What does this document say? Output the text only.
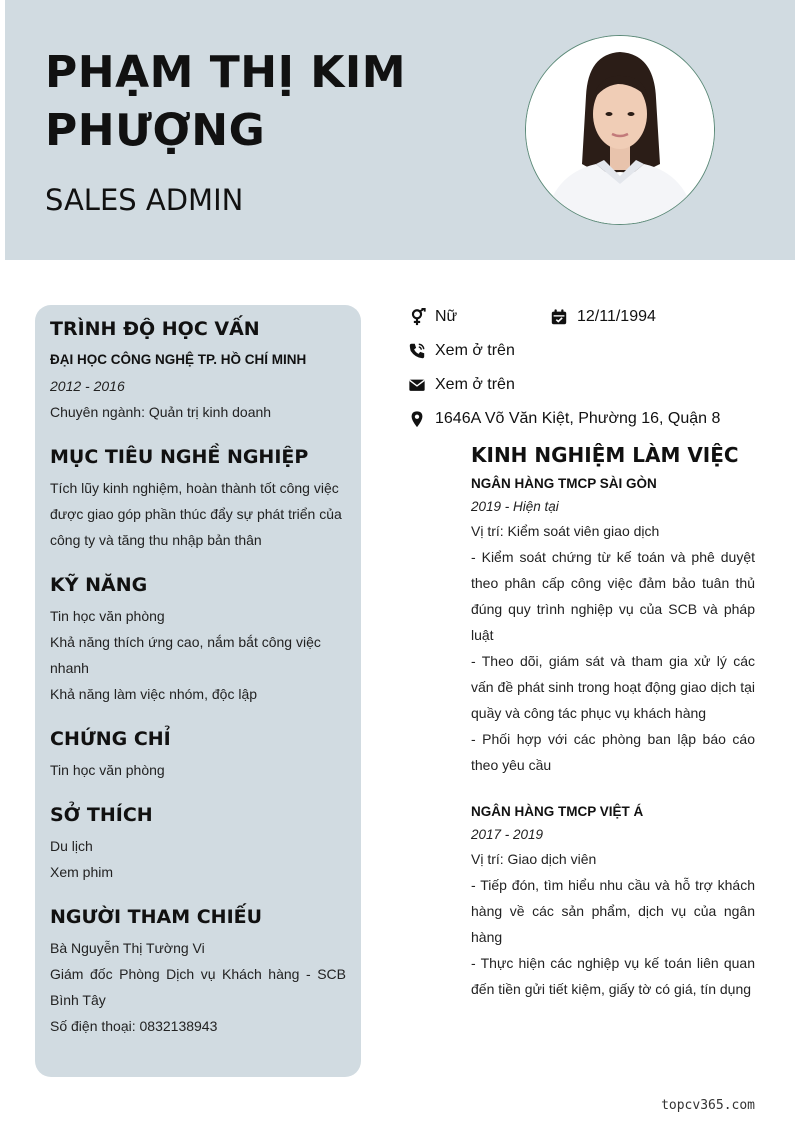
PHẠM THỊ KIM PHƯỢNG
SALES ADMIN
TRÌNH ĐỘ HỌC VẤN

ĐẠI HỌC CÔNG NGHỆ TP. HỒ CHÍ MINH

2012 - 2016

Chuyên ngành: Quản trị kinh doanh

MỤC TIÊU NGHỀ NGHIỆP

Tích lũy kinh nghiệm, hoàn thành tốt công việc được giao góp phần thúc đẩy sự phát triển của công ty và tăng thu nhập bản thân

KỸ NĂNG

Tin học văn phòng

Khả năng thích ứng cao, nắm bắt công việc nhanh

Khả năng làm việc nhóm, độc lập

CHỨNG CHỈ

Tin học văn phòng

SỞ THÍCH

Du lịch

Xem phim

NGƯỜI THAM CHIẾU

Bà Nguyễn Thị Tường Vi

Giám đốc Phòng Dịch vụ Khách hàng - SCB Bình Tây

Số điện thoại: 0832138943

Nữ	12/11/1994
Xem ở trên
Xem ở trên
1646A Võ Văn Kiệt, Phường 16, Quận 8
KINH NGHIỆM LÀM VIỆC

NGÂN HÀNG TMCP SÀI GÒN

2019 - Hiện tại

Vị trí: Kiểm soát viên giao dịch

- Kiểm soát chứng từ kế toán và phê duyệt theo phân cấp công việc đảm bảo tuân thủ đúng quy trình nghiệp vụ của SCB và pháp luật

- Theo dõi, giám sát và tham gia xử lý các vấn đề phát sinh trong hoạt động giao dịch tại quầy và công tác phục vụ khách hàng

- Phối hợp với các phòng ban lập báo cáo theo yêu cầu

NGÂN HÀNG TMCP VIỆT Á

2017 - 2019

Vị trí: Giao dịch viên

- Tiếp đón, tìm hiểu nhu cầu và hỗ trợ khách hàng về các sản phẩm, dịch vụ của ngân hàng

- Thực hiện các nghiệp vụ kế toán liên quan đến tiền gửi tiết kiệm, giấy tờ có giá, tín dụng

topcv365.com
